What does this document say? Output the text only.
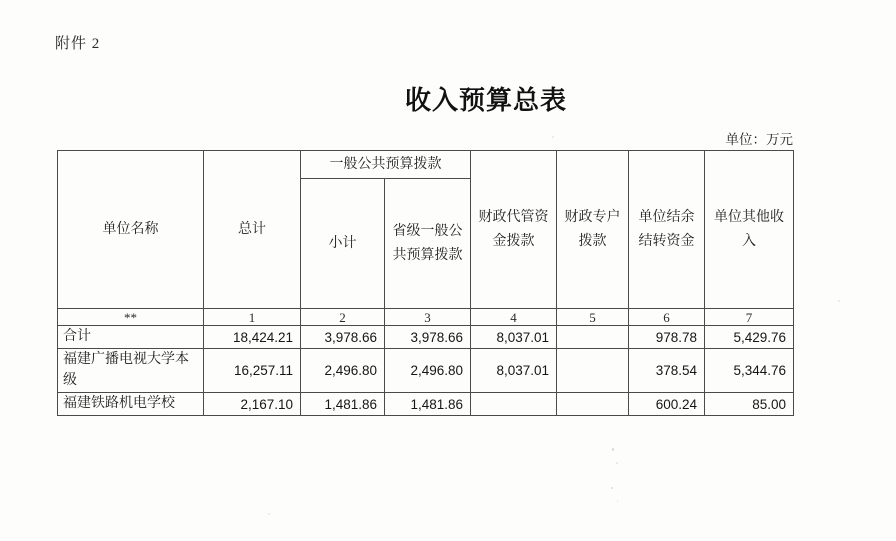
附件 2
收入预算总表
单位：万元
单位名称	总计	一般公共预算拨款		财政代管资金拨款	财政专户拨款	单位结余结转资金	单位其他收入
		小计	省级一般公共预算拨款				
**	1	2	3	4	5	6	7
合计	18,424.21	3,978.66	3,978.66	8,037.01		978.78	5,429.76
福建广播电视大学本级	16,257.11	2,496.80	2,496.80	8,037.01		378.54	5,344.76
福建铁路机电学校	2,167.10	1,481.86	1,481.86			600.24	85.00
